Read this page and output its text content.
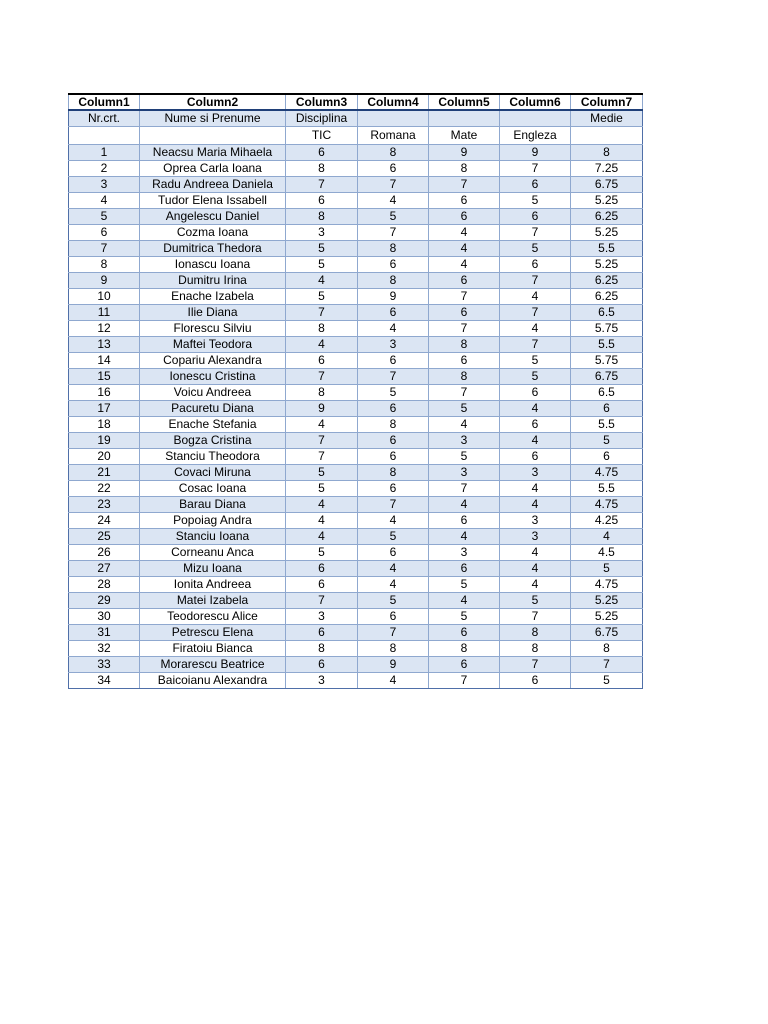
Column1	Column2	Column3	Column4	Column5	Column6	Column7
Nr.crt.	Nume si Prenume	Disciplina				Medie
		TIC	Romana	Mate	Engleza	
1	Neacsu Maria Mihaela	6	8	9	9	8
2	Oprea Carla Ioana	8	6	8	7	7.25
3	Radu Andreea Daniela	7	7	7	6	6.75
4	Tudor Elena Issabell	6	4	6	5	5.25
5	Angelescu Daniel	8	5	6	6	6.25
6	Cozma Ioana	3	7	4	7	5.25
7	Dumitrica Thedora	5	8	4	5	5.5
8	Ionascu Ioana	5	6	4	6	5.25
9	Dumitru Irina	4	8	6	7	6.25
10	Enache Izabela	5	9	7	4	6.25
11	Ilie Diana	7	6	6	7	6.5
12	Florescu Silviu	8	4	7	4	5.75
13	Maftei Teodora	4	3	8	7	5.5
14	Copariu Alexandra	6	6	6	5	5.75
15	Ionescu Cristina	7	7	8	5	6.75
16	Voicu Andreea	8	5	7	6	6.5
17	Pacuretu Diana	9	6	5	4	6
18	Enache Stefania	4	8	4	6	5.5
19	Bogza Cristina	7	6	3	4	5
20	Stanciu Theodora	7	6	5	6	6
21	Covaci Miruna	5	8	3	3	4.75
22	Cosac Ioana	5	6	7	4	5.5
23	Barau Diana	4	7	4	4	4.75
24	Popoiag Andra	4	4	6	3	4.25
25	Stanciu Ioana	4	5	4	3	4
26	Corneanu Anca	5	6	3	4	4.5
27	Mizu Ioana	6	4	6	4	5
28	Ionita Andreea	6	4	5	4	4.75
29	Matei Izabela	7	5	4	5	5.25
30	Teodorescu Alice	3	6	5	7	5.25
31	Petrescu Elena	6	7	6	8	6.75
32	Firatoiu Bianca	8	8	8	8	8
33	Morarescu Beatrice	6	9	6	7	7
34	Baicoianu Alexandra	3	4	7	6	5
